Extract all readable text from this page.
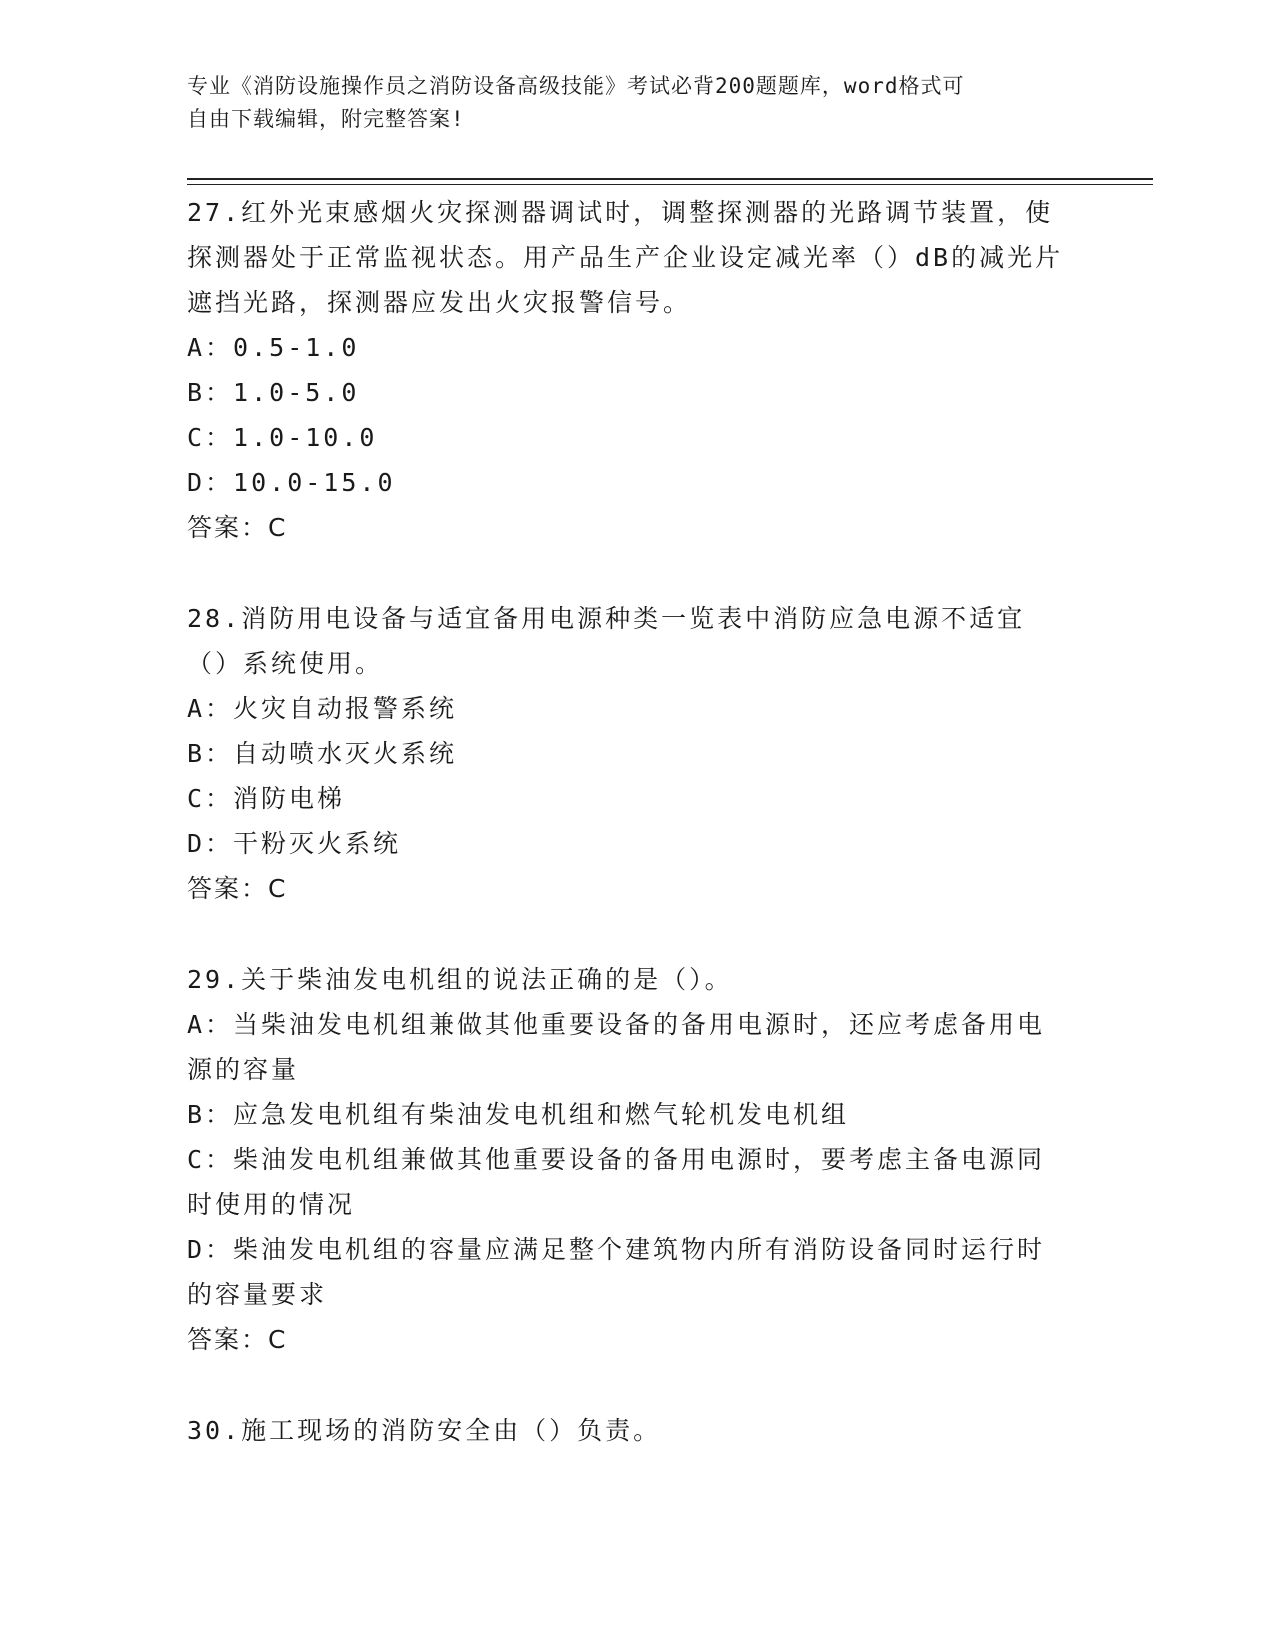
专业《消防设施操作员之消防设备高级技能》考试必背200题题库，word格式可
自由下载编辑，附完整答案!

27.红外光束感烟火灾探测器调试时，调整探测器的光路调节装置，使探测器处于正常监视状态。用产品生产企业设定减光率（）dB的减光片遮挡光路，探测器应发出火灾报警信号。

A：0.5-1.0

B：1.0-5.0

C：1.0-10.0

D：10.0-15.0

答案：C

28.消防用电设备与适宜备用电源种类一览表中消防应急电源不适宜（）系统使用。

A：火灾自动报警系统

B：自动喷水灭火系统

C：消防电梯

D：干粉灭火系统

答案：C

29.关于柴油发电机组的说法正确的是（）。

A：当柴油发电机组兼做其他重要设备的备用电源时，还应考虑备用电源的容量

B：应急发电机组有柴油发电机组和燃气轮机发电机组

C：柴油发电机组兼做其他重要设备的备用电源时，要考虑主备电源同时使用的情况

D：柴油发电机组的容量应满足整个建筑物内所有消防设备同时运行时的容量要求

答案：C

30.施工现场的消防安全由（）负责。
